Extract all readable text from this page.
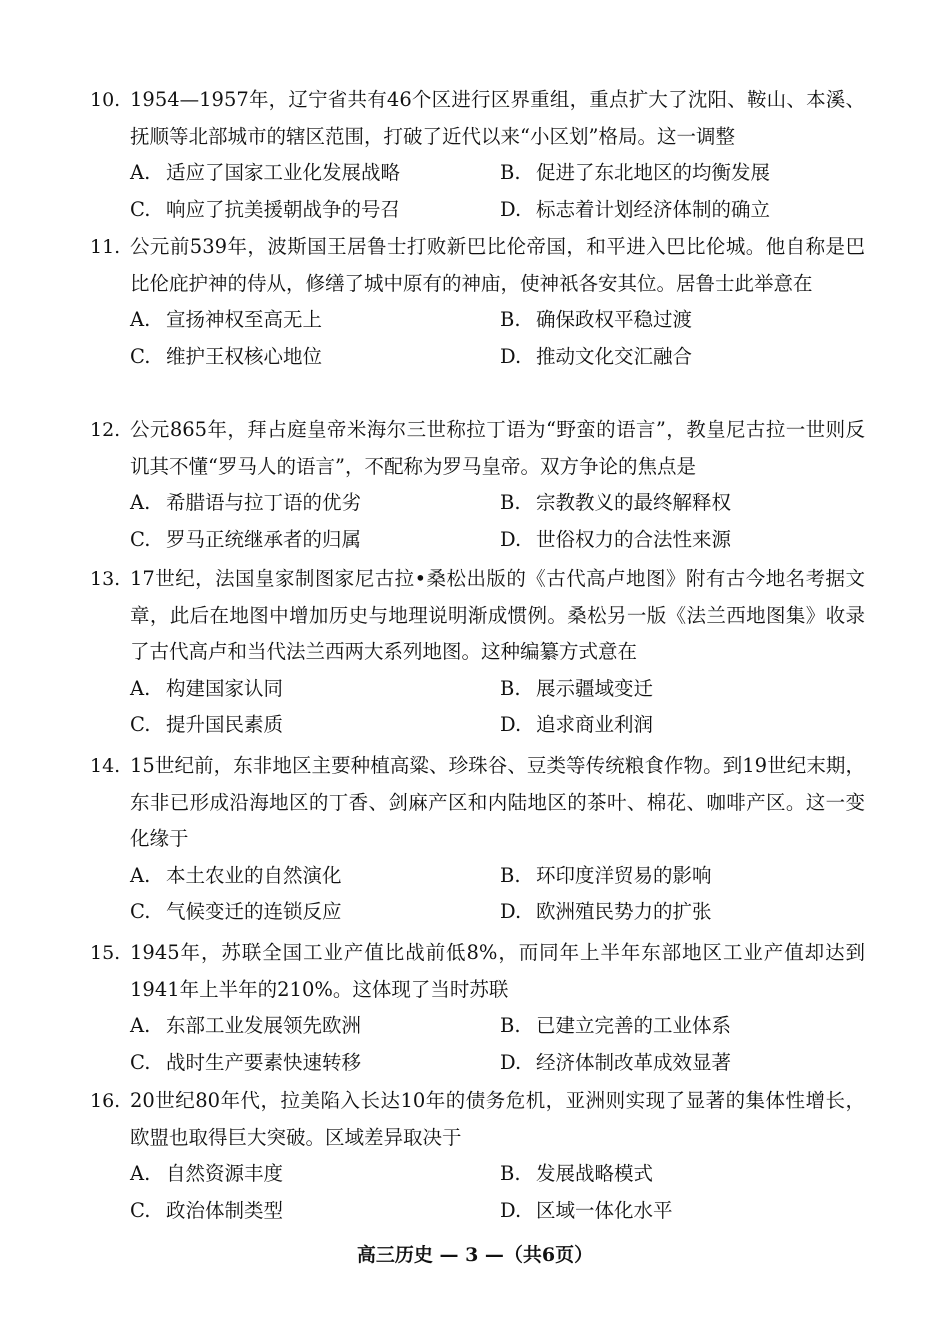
10. 1954—1957年，辽宁省共有46个区进行区界重组，重点扩大了沈阳、鞍山、本溪、抚顺等北部城市的辖区范围，打破了近代以来“小区划”格局。这一调整
A. 适应了国家工业化发展战略	B. 促进了东北地区的均衡发展
C. 响应了抗美援朝战争的号召	D. 标志着计划经济体制的确立
11. 公元前539年，波斯国王居鲁士打败新巴比伦帝国，和平进入巴比伦城。他自称是巴比伦庇护神的侍从，修缮了城中原有的神庙，使神祇各安其位。居鲁士此举意在
A. 宣扬神权至高无上	B. 确保政权平稳过渡
C. 维护王权核心地位	D. 推动文化交汇融合
12. 公元865年，拜占庭皇帝米海尔三世称拉丁语为“野蛮的语言”，教皇尼古拉一世则反讥其不懂“罗马人的语言”，不配称为罗马皇帝。双方争论的焦点是
A. 希腊语与拉丁语的优劣	B. 宗教教义的最终解释权
C. 罗马正统继承者的归属	D. 世俗权力的合法性来源
13. 17世纪，法国皇家制图家尼古拉•桑松出版的《古代高卢地图》附有古今地名考据文章，此后在地图中增加历史与地理说明渐成惯例。桑松另一版《法兰西地图集》收录了古代高卢和当代法兰西两大系列地图。这种编纂方式意在
A. 构建国家认同	B. 展示疆域变迁
C. 提升国民素质	D. 追求商业利润
14. 15世纪前，东非地区主要种植高粱、珍珠谷、豆类等传统粮食作物。到19世纪末期，东非已形成沿海地区的丁香、剑麻产区和内陆地区的茶叶、棉花、咖啡产区。这一变化缘于
A. 本土农业的自然演化	B. 环印度洋贸易的影响
C. 气候变迁的连锁反应	D. 欧洲殖民势力的扩张
15. 1945年，苏联全国工业产值比战前低8%，而同年上半年东部地区工业产值却达到1941年上半年的210%。这体现了当时苏联
A. 东部工业发展领先欧洲	B. 已建立完善的工业体系
C. 战时生产要素快速转移	D. 经济体制改革成效显著
16. 20世纪80年代，拉美陷入长达10年的债务危机，亚洲则实现了显著的集体性增长，欧盟也取得巨大突破。区域差异取决于
A. 自然资源丰度	B. 发展战略模式
C. 政治体制类型	D. 区域一体化水平
高三历史 — 3 —（共6页）
